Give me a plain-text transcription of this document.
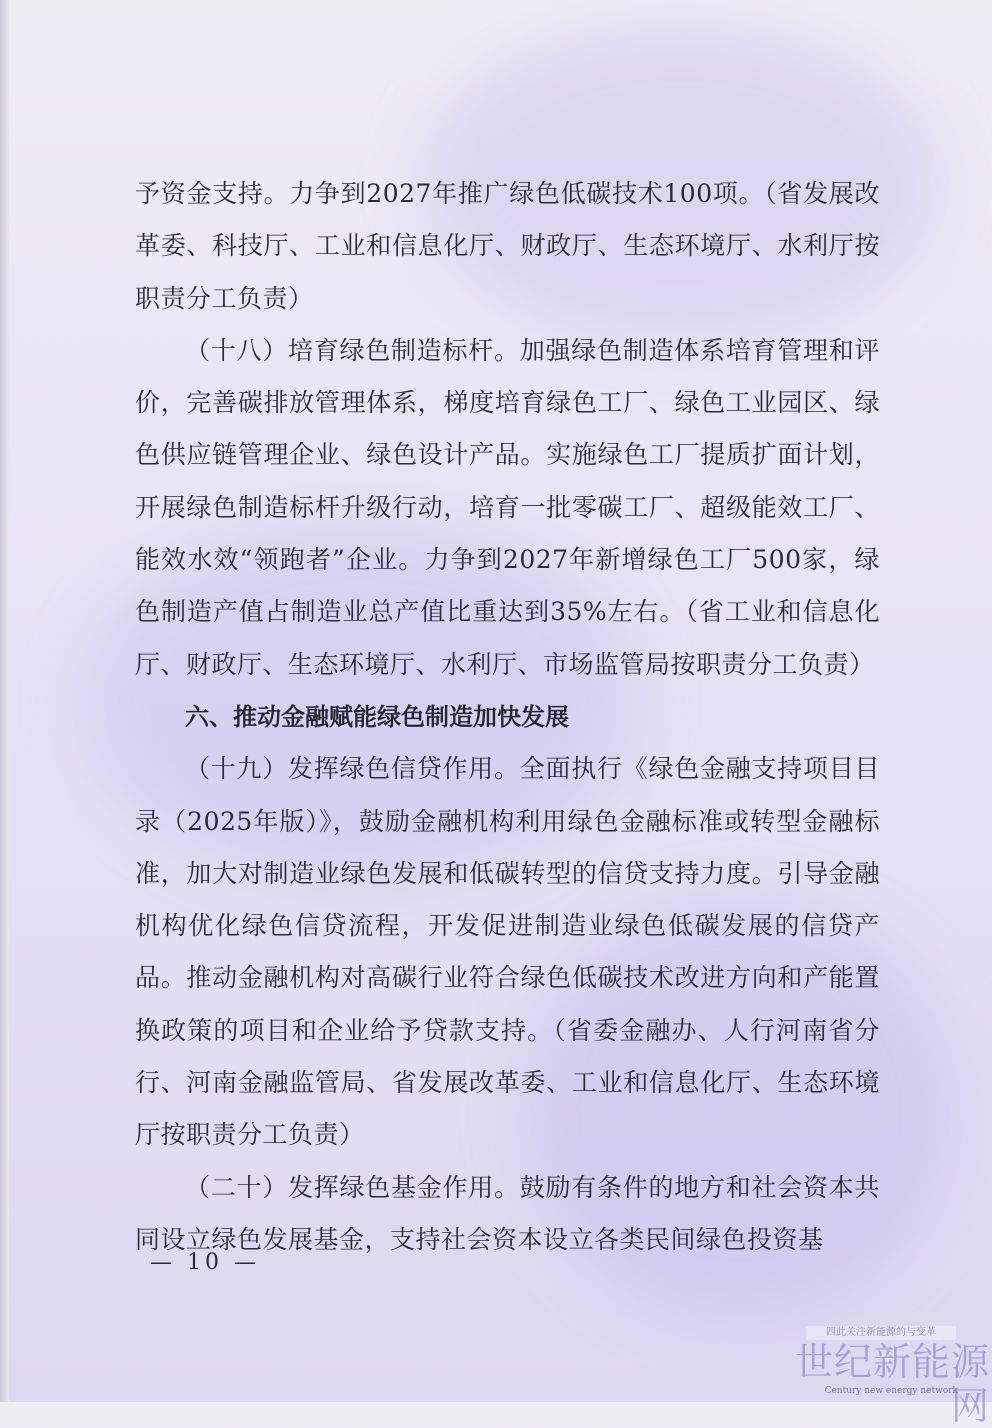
予资金支持。力争到2027年推广绿色低碳技术100项。（省发展改革委、科技厅、工业和信息化厅、财政厅、生态环境厅、水利厅按职责分工负责）

（十八）培育绿色制造标杆。加强绿色制造体系培育管理和评价，完善碳排放管理体系，梯度培育绿色工厂、绿色工业园区、绿色供应链管理企业、绿色设计产品。实施绿色工厂提质扩面计划，开展绿色制造标杆升级行动，培育一批零碳工厂、超级能效工厂、能效水效“领跑者”企业。力争到2027年新增绿色工厂500家，绿色制造产值占制造业总产值比重达到35%左右。（省工业和信息化厅、财政厅、生态环境厅、水利厅、市场监管局按职责分工负责）

六、推动金融赋能绿色制造加快发展

（十九）发挥绿色信贷作用。全面执行《绿色金融支持项目目录（2025年版）》，鼓励金融机构利用绿色金融标准或转型金融标准，加大对制造业绿色发展和低碳转型的信贷支持力度。引导金融机构优化绿色信贷流程，开发促进制造业绿色低碳发展的信贷产品。推动金融机构对高碳行业符合绿色低碳技术改进方向和产能置换政策的项目和企业给予贷款支持。（省委金融办、人行河南省分行、河南金融监管局、省发展改革委、工业和信息化厅、生态环境厅按职责分工负责）

（二十）发挥绿色基金作用。鼓励有条件的地方和社会资本共同设立绿色发展基金，支持社会资本设立各类民间绿色投资基

— 10 —
四此关注新能源的与变革
世纪新能源网
Century new energy network
